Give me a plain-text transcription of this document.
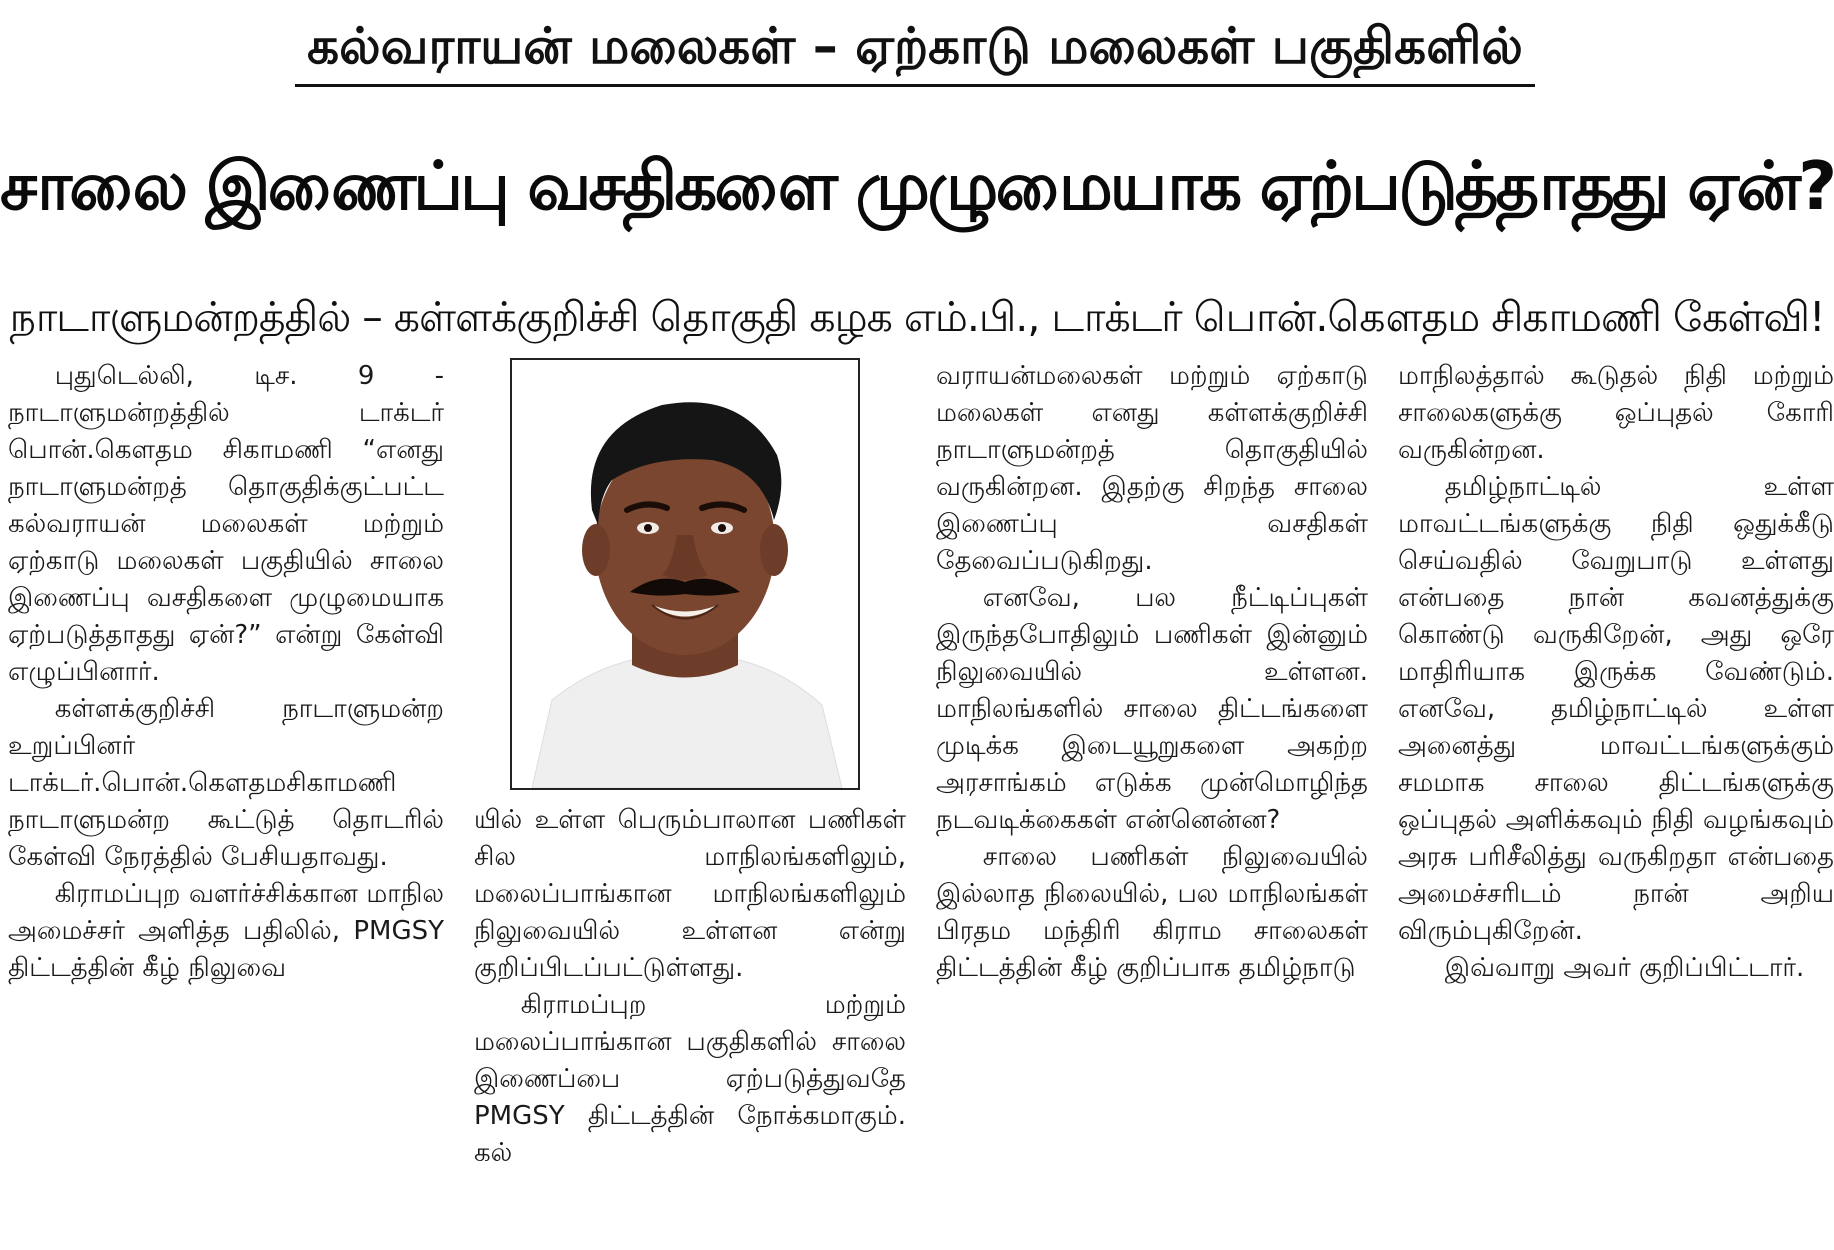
கல்வராயன் மலைகள் – ஏற்காடு மலைகள் பகுதிகளில்
சாலை இணைப்பு வசதிகளை முழுமையாக ஏற்படுத்தாதது ஏன்?
நாடாளுமன்றத்தில் – கள்ளக்குறிச்சி தொகுதி கழக எம்.பி., டாக்டர் பொன்.கௌதம சிகாமணி கேள்வி!

புதுடெல்லி, டிச. 9 - நாடாளுமன்றத்தில் டாக்டர் பொன்.கௌதம சிகாமணி “எனது நாடாளுமன்றத் தொகுதிக்குட்பட்ட கல்வராயன் மலைகள் மற்றும் ஏற்காடு மலைகள் பகுதியில் சாலை இணைப்பு வசதிகளை முழுமையாக ஏற்படுத்தாதது ஏன்?” என்று கேள்வி எழுப்பினார்.

கள்ளக்குறிச்சி நாடாளுமன்ற உறுப்பினர் டாக்டர்.பொன்.கௌதமசிகாமணி நாடாளுமன்ற கூட்டுத் தொடரில் கேள்வி நேரத்தில் பேசியதாவது.

கிராமப்புற வளர்ச்சிக்கான மாநில அமைச்சர் அளித்த பதிலில், PMGSY திட்டத்தின் கீழ் நிலுவை

யில் உள்ள பெரும்பாலான பணிகள் சில மாநிலங்களிலும், மலைப்பாங்கான மாநிலங்களிலும் நிலுவையில் உள்ளன என்று குறிப்பிடப்பட்டுள்ளது.

கிராமப்புற மற்றும் மலைப்பாங்கான பகுதிகளில் சாலை இணைப்பை ஏற்படுத்துவதே PMGSY திட்டத்தின் நோக்கமாகும். கல்

வராயன்மலைகள் மற்றும் ஏற்காடு மலைகள் எனது கள்ளக்குறிச்சி நாடாளுமன்றத் தொகுதியில் வருகின்றன. இதற்கு சிறந்த சாலை இணைப்பு வசதிகள் தேவைப்படுகிறது.

எனவே, பல நீட்டிப்புகள் இருந்தபோதிலும் பணிகள் இன்னும் நிலுவையில் உள்ளன. மாநிலங்களில் சாலை திட்டங்களை முடிக்க இடையூறுகளை அகற்ற அரசாங்கம் எடுக்க முன்மொழிந்த நடவடிக்கைகள் என்னென்ன?

சாலை பணிகள் நிலுவையில் இல்லாத நிலையில், பல மாநிலங்கள் பிரதம மந்திரி கிராம சாலைகள் திட்டத்தின் கீழ் குறிப்பாக தமிழ்நாடு

மாநிலத்தால் கூடுதல் நிதி மற்றும் சாலைகளுக்கு ஒப்புதல் கோரி வருகின்றன.

தமிழ்நாட்டில் உள்ள மாவட்டங்களுக்கு நிதி ஒதுக்கீடு செய்வதில் வேறுபாடு உள்ளது என்பதை நான் கவனத்துக்கு கொண்டு வருகிறேன், அது ஒரே மாதிரியாக இருக்க வேண்டும். எனவே, தமிழ்நாட்டில் உள்ள அனைத்து மாவட்டங்களுக்கும் சமமாக சாலை திட்டங்களுக்கு ஒப்புதல் அளிக்கவும் நிதி வழங்கவும் அரசு பரிசீலித்து வருகிறதா என்பதை அமைச்சரிடம் நான் அறிய விரும்புகிறேன்.

இவ்வாறு அவர் குறிப்பிட்டார்.
